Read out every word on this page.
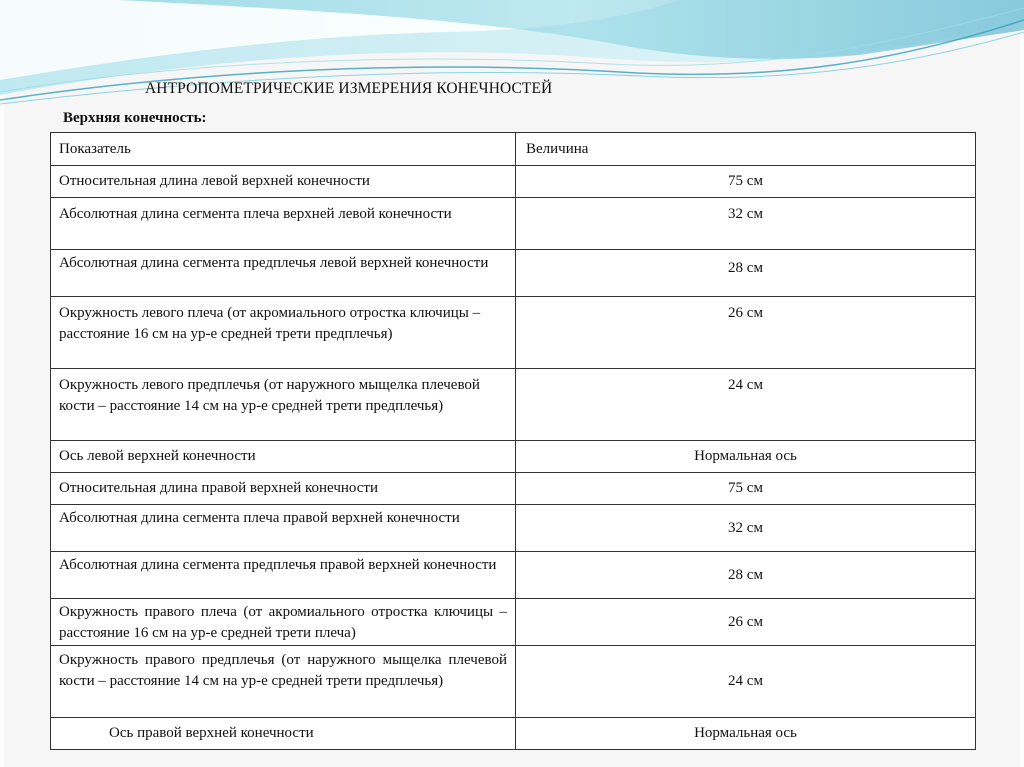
АНТРОПОМЕТРИЧЕСКИЕ ИЗМЕРЕНИЯ КОНЕЧНОСТЕЙ
Верхняя конечность:
Показатель	Величина
Относительная длина левой верхней конечности	75 см
Абсолютная длина сегмента плеча верхней левой конечности	32 см
Абсолютная длина сегмента предплечья левой верхней конечности	28 см
Окружность левого плеча (от акромиального отростка ключицы – расстояние 16 см на ур-е средней трети предплечья)	26 см
Окружность левого предплечья (от наружного мыщелка плечевой кости – расстояние 14 см на ур-е средней трети предплечья)	24 см
Ось левой верхней конечности	Нормальная ось
Относительная длина правой верхней конечности	75 см
Абсолютная длина сегмента плеча правой верхней конечности	32 см
Абсолютная длина сегмента предплечья правой верхней конечности	28 см
Окружность правого плеча (от акромиального отростка ключицы – расстояние 16 см на ур-е средней трети плеча)	26 см
Окружность правого предплечья (от наружного мыщелка плечевой кости – расстояние 14 см на ур-е средней трети предплечья)	24 см
Ось правой верхней конечности	Нормальная ось
